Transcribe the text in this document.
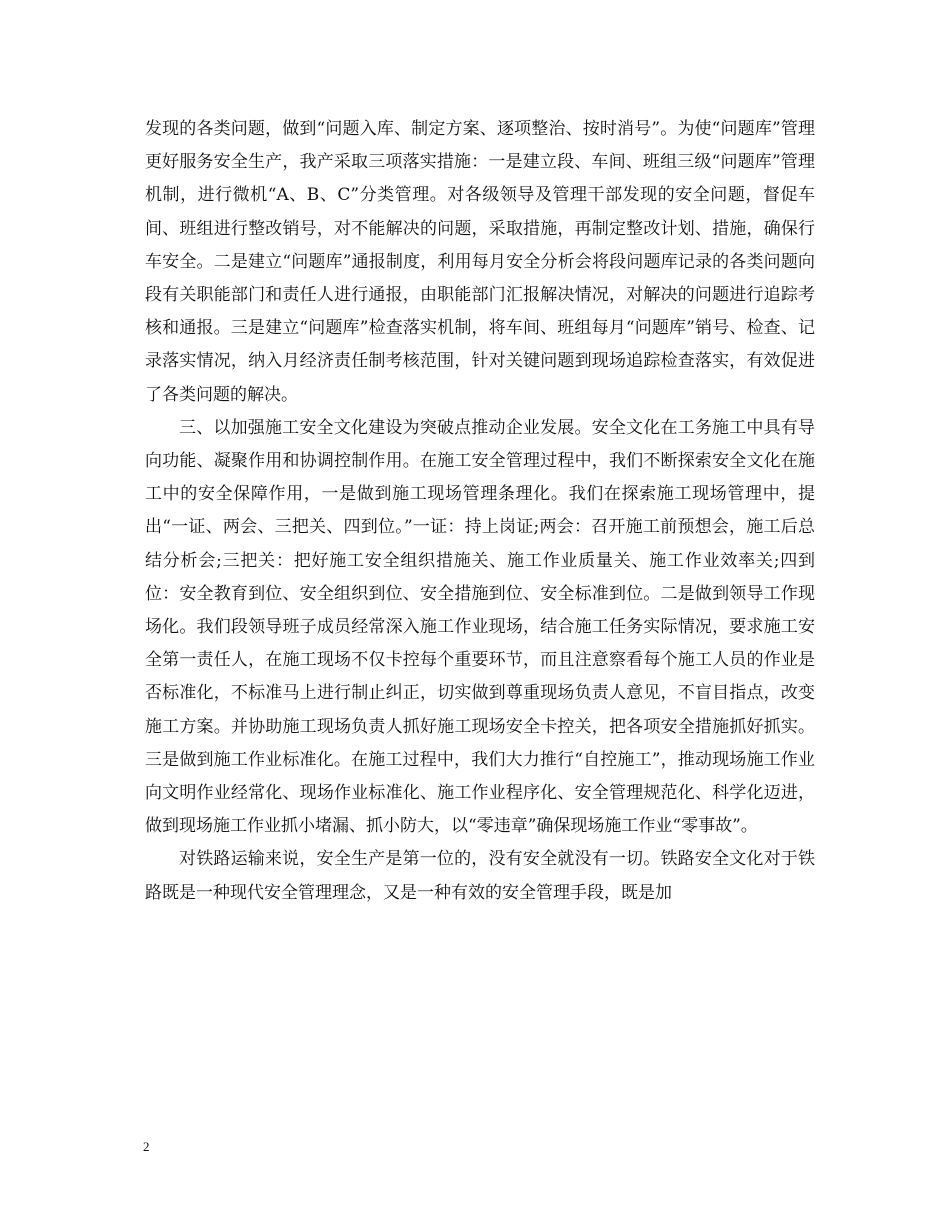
发现的各类问题，做到“问题入库、制定方案、逐项整治、按时消号”。为使“问题库”管理更好服务安全生产，我产采取三项落实措施：一是建立段、车间、班组三级“问题库”管理机制，进行微机“A、B、C”分类管理。对各级领导及管理干部发现的安全问题，督促车间、班组进行整改销号，对不能解决的问题，采取措施，再制定整改计划、措施，确保行车安全。二是建立“问题库”通报制度，利用每月安全分析会将段问题库记录的各类问题向段有关职能部门和责任人进行通报，由职能部门汇报解决情况，对解决的问题进行追踪考核和通报。三是建立“问题库”检查落实机制，将车间、班组每月“问题库”销号、检查、记录落实情况，纳入月经济责任制考核范围，针对关键问题到现场追踪检查落实，有效促进了各类问题的解决。

三、以加强施工安全文化建设为突破点推动企业发展。安全文化在工务施工中具有导向功能、凝聚作用和协调控制作用。在施工安全管理过程中，我们不断探索安全文化在施工中的安全保障作用，一是做到施工现场管理条理化。我们在探索施工现场管理中，提出“一证、两会、三把关、四到位。”一证：持上岗证;两会：召开施工前预想会，施工后总结分析会;三把关：把好施工安全组织措施关、施工作业质量关、施工作业效率关;四到位：安全教育到位、安全组织到位、安全措施到位、安全标准到位。二是做到领导工作现场化。我们段领导班子成员经常深入施工作业现场，结合施工任务实际情况，要求施工安全第一责任人，在施工现场不仅卡控每个重要环节，而且注意察看每个施工人员的作业是否标准化，不标准马上进行制止纠正，切实做到尊重现场负责人意见，不盲目指点，改变施工方案。并协助施工现场负责人抓好施工现场安全卡控关，把各项安全措施抓好抓实。三是做到施工作业标准化。在施工过程中，我们大力推行“自控施工”，推动现场施工作业向文明作业经常化、现场作业标准化、施工作业程序化、安全管理规范化、科学化迈进，做到现场施工作业抓小堵漏、抓小防大，以“零违章”确保现场施工作业“零事故”。

对铁路运输来说，安全生产是第一位的，没有安全就没有一切。铁路安全文化对于铁路既是一种现代安全管理理念，又是一种有效的安全管理手段，既是加

2
